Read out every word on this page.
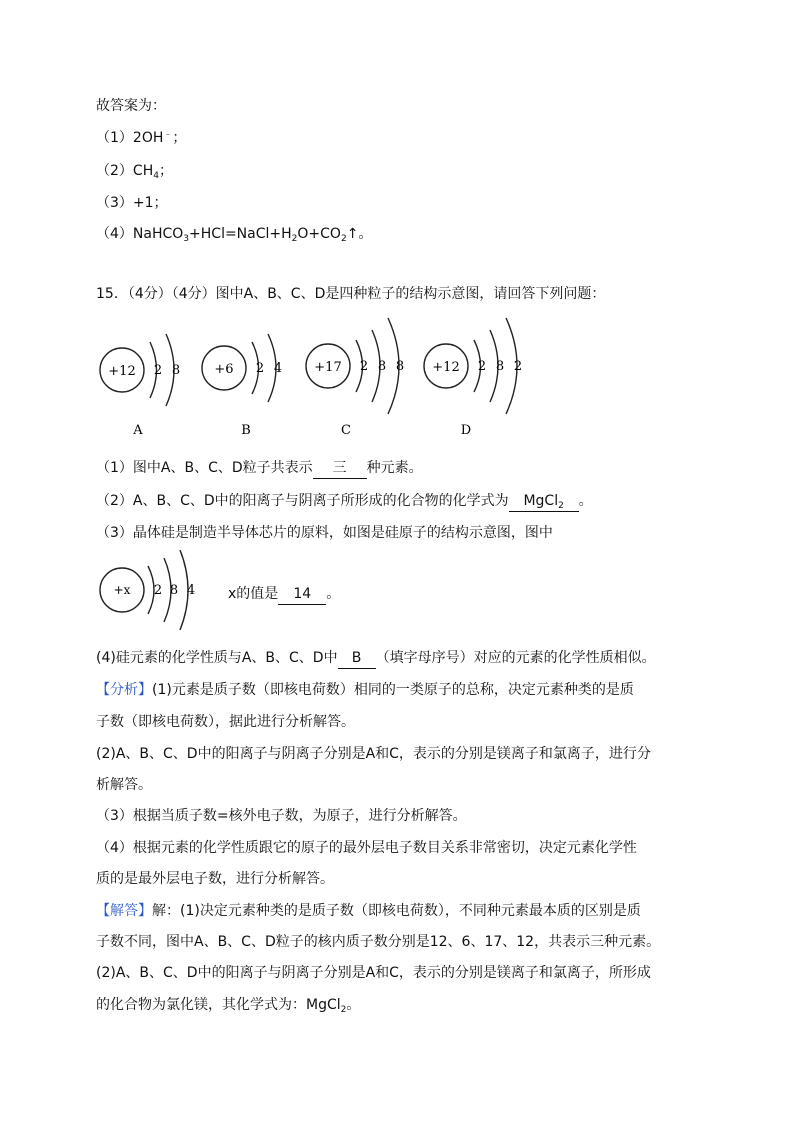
故答案为：
（1）2OH﹣；
$(2)CH_4$；
（3）+1；
$(4)NaHCO_3+HCl=NaCl+H_2O+CO_2↑$。
15．（4分）（4分）图中A、B、C、D是四种粒子的结构示意图，请回答下列问题：
+12 2 8
A
+6 2 4
B
+17 2 8 8
C
+12 2 8 2
D
（1）图中A、B、C、D粒子共表示 三 种元素。
（2）A、B、C、D中的阳离子与阴离子所形成的化合物的化学式为 MgCl$_2$ 。
（3）晶体硅是制造半导体芯片的原料，如图是硅原子的结构示意图，图中
+x 2 8 4 x的值是 14 。
(4)硅元素的化学性质与A、B、C、D中 B （填字母序号）对应的元素的化学性质相似。
【分析】(1)元素是质子数（即核电荷数）相同的一类原子的总称，决定元素种类的是质
子数（即核电荷数），据此进行分析解答。
(2)A、B、C、D中的阳离子与阴离子分别是A和C，表示的分别是镁离子和氯离子，进行分
析解答。
（3）根据当质子数=核外电子数，为原子，进行分析解答。
（4）根据元素的化学性质跟它的原子的最外层电子数目关系非常密切，决定元素化学性
质的是最外层电子数，进行分析解答。
【解答】解：(1)决定元素种类的是质子数（即核电荷数），不同种元素最本质的区别是质
子数不同，图中A、B、C、D粒子的核内质子数分别是12、6、17、12，共表示三种元素。
(2)A、B、C、D中的阳离子与阴离子分别是A和C，表示的分别是镁离子和氯离子，所形成
的化合物为氯化镁，其化学式为：MgCl$_2$。
